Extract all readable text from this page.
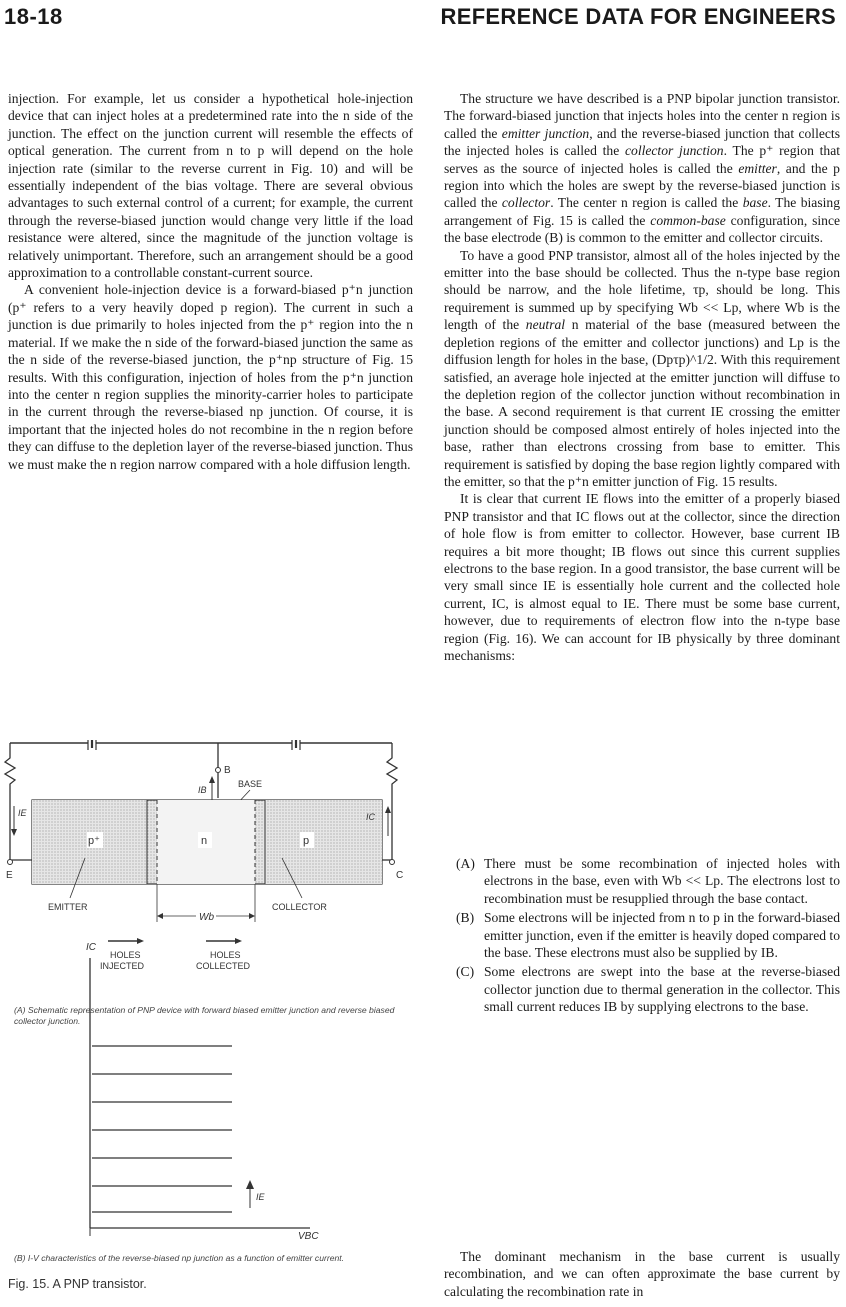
18-18	REFERENCE DATA FOR ENGINEERS

injection. For example, let us consider a hypothetical hole-injection device that can inject holes at a predetermined rate into the n side of the junction. The effect on the junction current will resemble the effects of optical generation. The current from n to p will depend on the hole injection rate (similar to the reverse current in Fig. 10) and will be essentially independent of the bias voltage. There are several obvious advantages to such external control of a current; for example, the current through the reverse-biased junction would change very little if the load resistance were altered, since the magnitude of the junction voltage is relatively unimportant. Therefore, such an arrangement should be a good approximation to a controllable constant-current source.

A convenient hole-injection device is a forward-biased p⁺n junction (p⁺ refers to a very heavily doped p region). The current in such a junction is due primarily to holes injected from the p⁺ region into the n material. If we make the n side of the forward-biased junction the same as the n side of the reverse-biased junction, the p⁺np structure of Fig. 15 results. With this configuration, injection of holes from the p⁺n junction into the center n region supplies the minority-carrier holes to participate in the current through the reverse-biased np junction. Of course, it is important that the injected holes do not recombine in the n region before they can diffuse to the depletion layer of the reverse-biased junction. Thus we must make the n region narrow compared with a hole diffusion length.

The structure we have described is a PNP bipolar junction transistor. The forward-biased junction that injects holes into the center n region is called the emitter junction, and the reverse-biased junction that collects the injected holes is called the collector junction. The p⁺ region that serves as the source of injected holes is called the emitter, and the p region into which the holes are swept by the reverse-biased junction is called the collector. The center n region is called the base. The biasing arrangement of Fig. 15 is called the common-base configuration, since the base electrode (B) is common to the emitter and collector circuits.

To have a good PNP transistor, almost all of the holes injected by the emitter into the base should be collected. Thus the n-type base region should be narrow, and the hole lifetime, τp, should be long. This requirement is summed up by specifying Wb << Lp, where Wb is the length of the neutral n material of the base (measured between the depletion regions of the emitter and collector junctions) and Lp is the diffusion length for holes in the base, (Dpτp)^1/2. With this requirement satisfied, an average hole injected at the emitter junction will diffuse to the depletion region of the collector junction without recombination in the base. A second requirement is that current IE crossing the emitter junction should be composed almost entirely of holes injected into the base, rather than electrons crossing from base to emitter. This requirement is satisfied by doping the base region lightly compared with the emitter, so that the p⁺n emitter junction of Fig. 15 results.

It is clear that current IE flows into the emitter of a properly biased PNP transistor and that IC flows out at the collector, since the direction of hole flow is from emitter to collector. However, base current IB requires a bit more thought; IB flows out since this current supplies electrons to the base region. In a good transistor, the base current will be very small since IE is essentially hole current and the collected hole current, IC, is almost equal to IE. There must be some base current, however, due to requirements of electron flow into the n-type base region (Fig. 16). We can account for IB physically by three dominant mechanisms:

(A) There must be some recombination of injected holes with electrons in the base, even with Wb << Lp. The electrons lost to recombination must be resupplied through the base contact.
(B) Some electrons will be injected from n to p in the forward-biased emitter junction, even if the emitter is heavily doped compared to the base. These electrons must also be supplied by IB.
(C) Some electrons are swept into the base at the reverse-biased collector junction due to thermal generation in the collector. This small current reduces IB by supplying electrons to the base.
The dominant mechanism in the base current is usually recombination, and we can often approximate the base current by calculating the recombination rate in
B
IB
BASE
p⁺	n	p
E
IE
C
IC
EMITTER	COLLECTOR
Wb
HOLES
INJECTED
HOLES
COLLECTED
(A) Schematic representation of PNP device with forward biased emitter junction and reverse biased collector junction.
IC
VBC
IE
(B) I-V characteristics of the reverse-biased np junction as a function of emitter current.
Fig. 15. A PNP transistor.
